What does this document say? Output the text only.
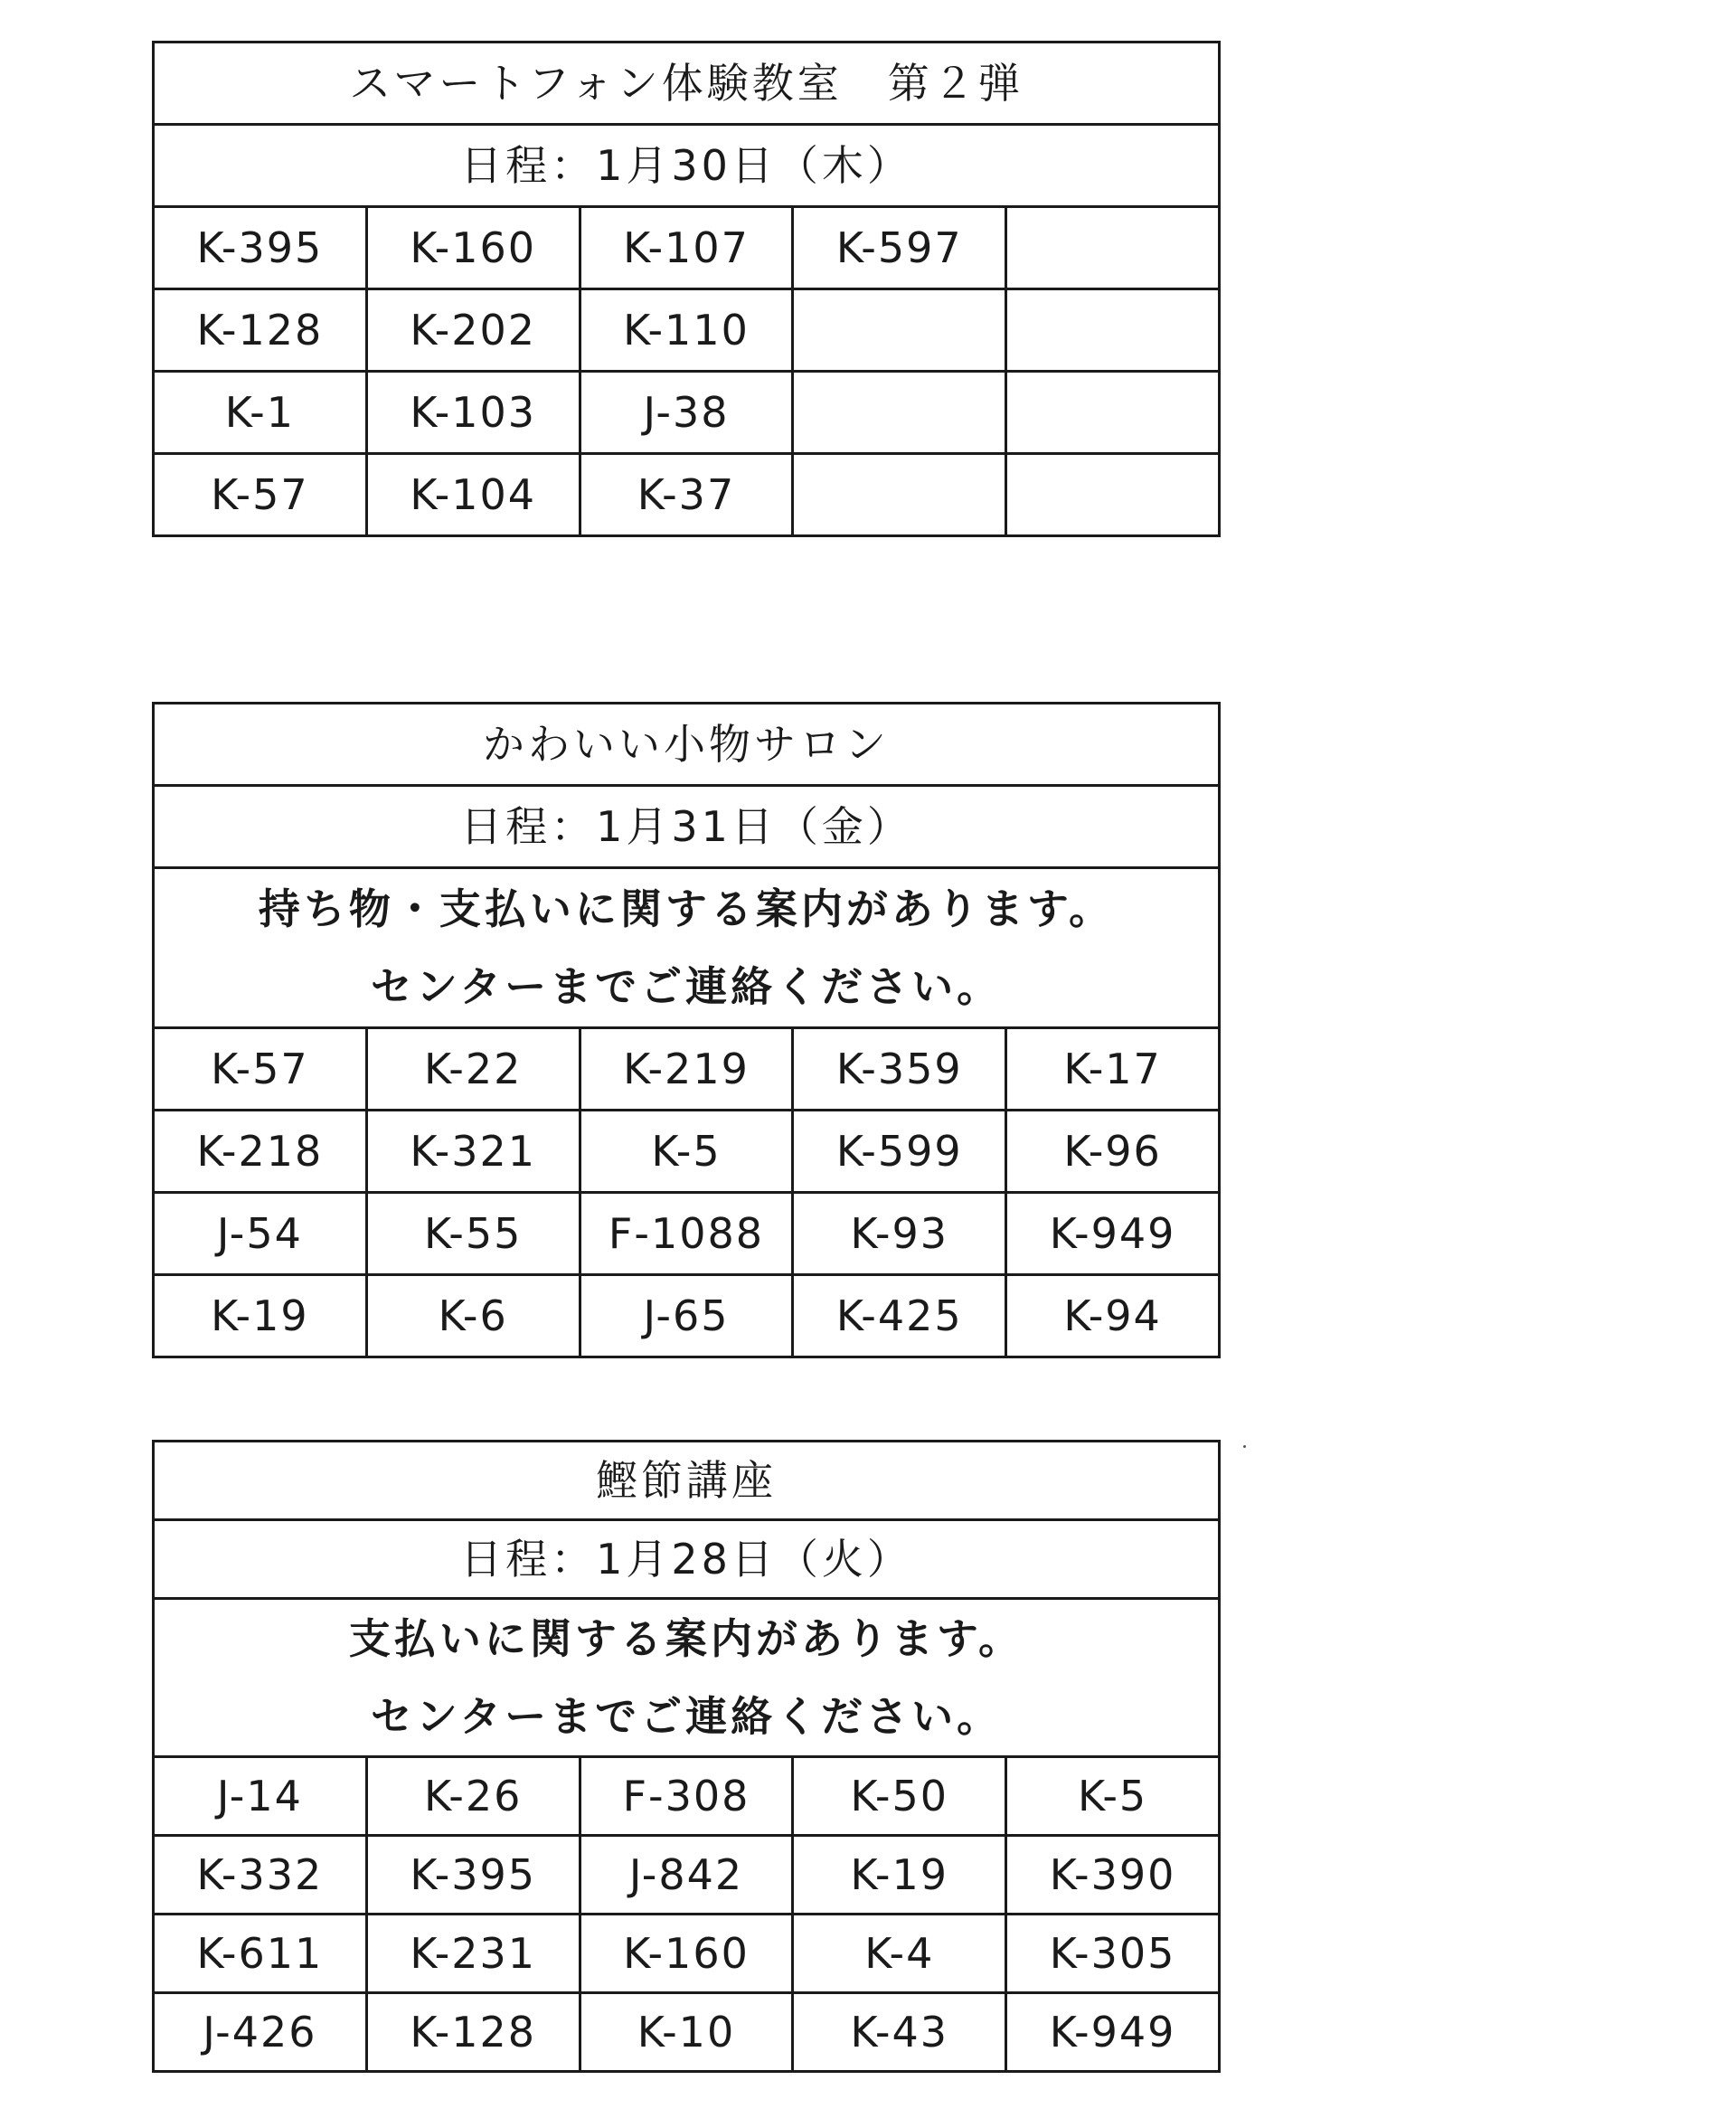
スマートフォン体験教室　第２弾				
日程：1月30日（木）				
K-395	K-160	K-107	K-597	
K-128	K-202	K-110		
K-1	K-103	J-38		
K-57	K-104	K-37		
かわいい小物サロン				
日程：1月31日（金）				

持ち物・支払いに関する案内があります。
センターまでご連絡ください。				

K-57	K-22	K-219	K-359	K-17
K-218	K-321	K-5	K-599	K-96
J-54	K-55	F-1088	K-93	K-949
K-19	K-6	J-65	K-425	K-94
鰹節講座				
日程：1月28日（火）				

支払いに関する案内があります。
センターまでご連絡ください。				

J-14	K-26	F-308	K-50	K-5
K-332	K-395	J-842	K-19	K-390
K-611	K-231	K-160	K-4	K-305
J-426	K-128	K-10	K-43	K-949
